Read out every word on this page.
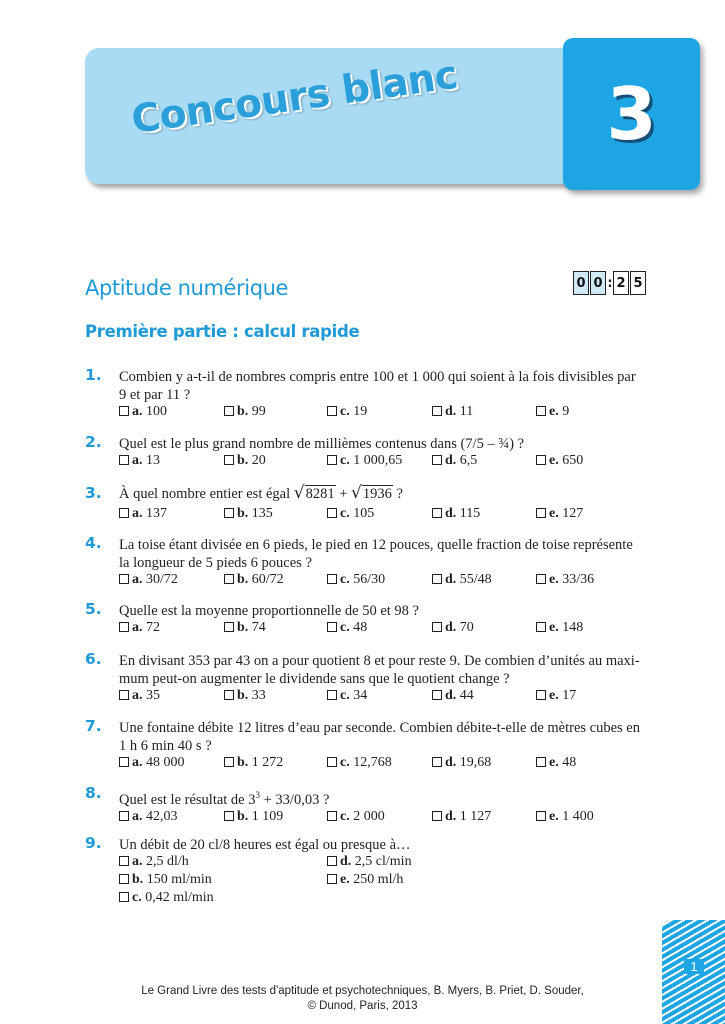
Concours blanc	3
Aptitude numérique
Première partie : calcul rapide
0 0 : 2 5
1. Combien y a-t-il de nombres compris entre 100 et 1 000 qui soient à la fois divisibles par 9 et par 11 ?
a. 100	b. 99	c. 19	d. 11	e. 9
2. Quel est le plus grand nombre de millièmes contenus dans (7/5 – ¾) ?
a. 13	b. 20	c. 1 000,65	d. 6,5	e. 650
3. À quel nombre entier est égal √8281 + √1936 ?
a. 137	b. 135	c. 105	d. 115	e. 127
4. La toise étant divisée en 6 pieds, le pied en 12 pouces, quelle fraction de toise représente la longueur de 5 pieds 6 pouces ?
a. 30/72	b. 60/72	c. 56/30	d. 55/48	e. 33/36
5. Quelle est la moyenne proportionnelle de 50 et 98 ?
a. 72	b. 74	c. 48	d. 70	e. 148
6. En divisant 353 par 43 on a pour quotient 8 et pour reste 9. De combien d’unités au maxi-mum peut-on augmenter le dividende sans que le quotient change ?
a. 35	b. 33	c. 34	d. 44	e. 17
7. Une fontaine débite 12 litres d’eau par seconde. Combien débite-t-elle de mètres cubes en 1 h 6 min 40 s ?
a. 48 000	b. 1 272	c. 12,768	d. 19,68	e. 48
8. Quel est le résultat de $3^3 + 33/0,03$ ?
a. 42,03	b. 1 109	c. 2 000	d. 1 127	e. 1 400
9. Un débit de 20 cl/8 heures est égal ou presque à…
a. 2,5 dl/h	d. 2,5 cl/min
b. 150 ml/min	e. 250 ml/h
c. 0,42 ml/min
1
Le Grand Livre des tests d'aptitude et psychotechniques, B. Myers, B. Priet, D. Souder,
© Dunod, Paris, 2013
